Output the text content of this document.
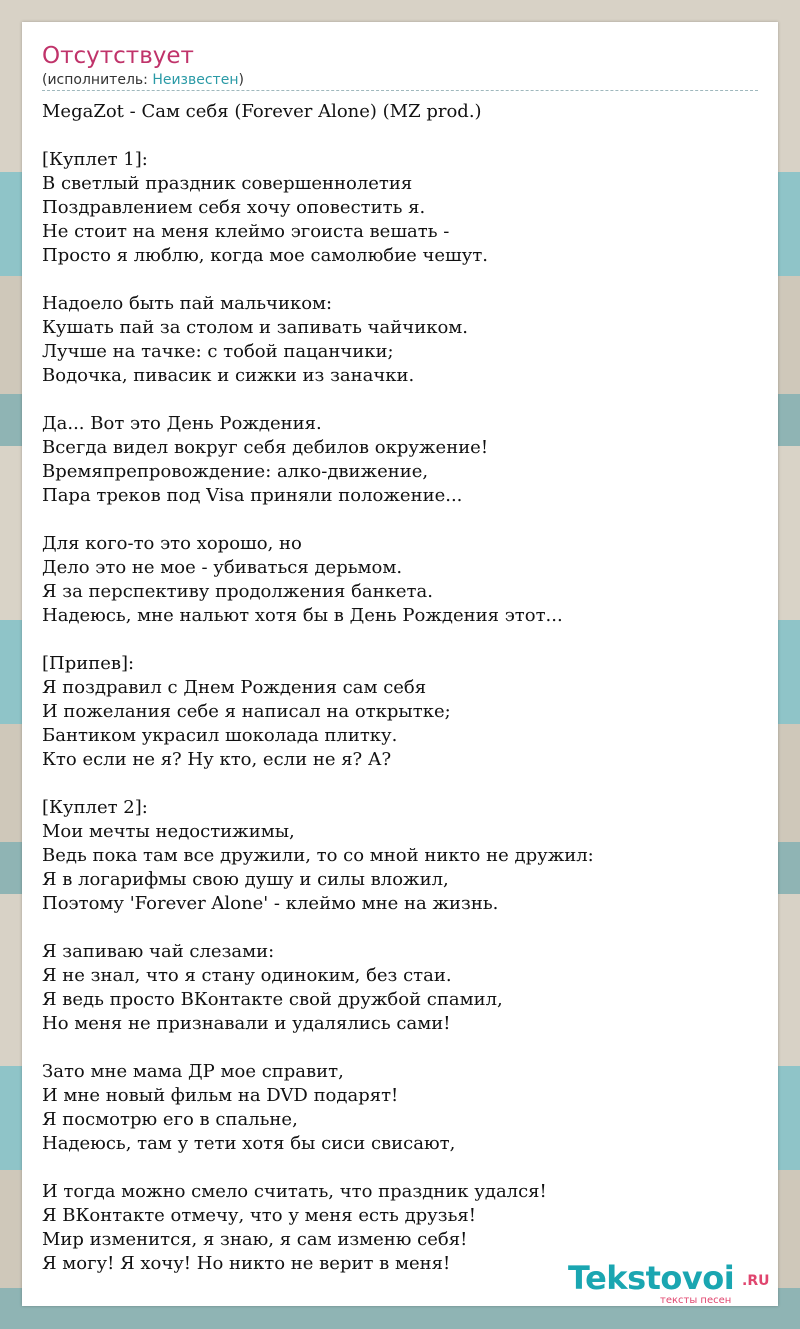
Отсутствует
(исполнитель: Неизвестен)
MegaZot - Сам себя (Forever Alone) (MZ prod.)
[Куплет 1]:
В светлый праздник совершеннолетия
Поздравлением себя хочу оповестить я.
Не стоит на меня клеймо эгоиста вешать -
Просто я люблю, когда мое самолюбие чешут.
Надоело быть пай мальчиком:
Кушать пай за столом и запивать чайчиком.
Лучше на тачке: с тобой пацанчики;
Водочка, пивасик и сижки из заначки.
Да... Вот это День Рождения.
Всегда видел вокруг себя дебилов окружение!
Времяпрепровождение: алко-движение,
Пара треков под Visa приняли положение...
Для кого-то это хорошо, но
Дело это не мое - убиваться дерьмом.
Я за перспективу продолжения банкета.
Надеюсь, мне нальют хотя бы в День Рождения этот...
[Припев]:
Я поздравил с Днем Рождения сам себя
И пожелания себе я написал на открытке;
Бантиком украсил шоколада плитку.
Кто если не я? Ну кто, если не я? А?
[Куплет 2]:
Мои мечты недостижимы,
Ведь пока там все дружили, то со мной никто не дружил:
Я в логарифмы свою душу и силы вложил,
Поэтому 'Forever Alone' - клеймо мне на жизнь.
Я запиваю чай слезами:
Я не знал, что я стану одиноким, без стаи.
Я ведь просто ВКонтакте свой дружбой спамил,
Но меня не признавали и удалялись сами!
Зато мне мама ДР мое справит,
И мне новый фильм на DVD подарят!
Я посмотрю его в спальне,
Надеюсь, там у тети хотя бы сиси свисают,
И тогда можно смело считать, что праздник удался!
Я ВКонтакте отмечу, что у меня есть друзья!
Мир изменится, я знаю, я сам изменю себя!
Я могу! Я хочу! Но никто не верит в меня!	Tekstovoi .RU
тексты песен
